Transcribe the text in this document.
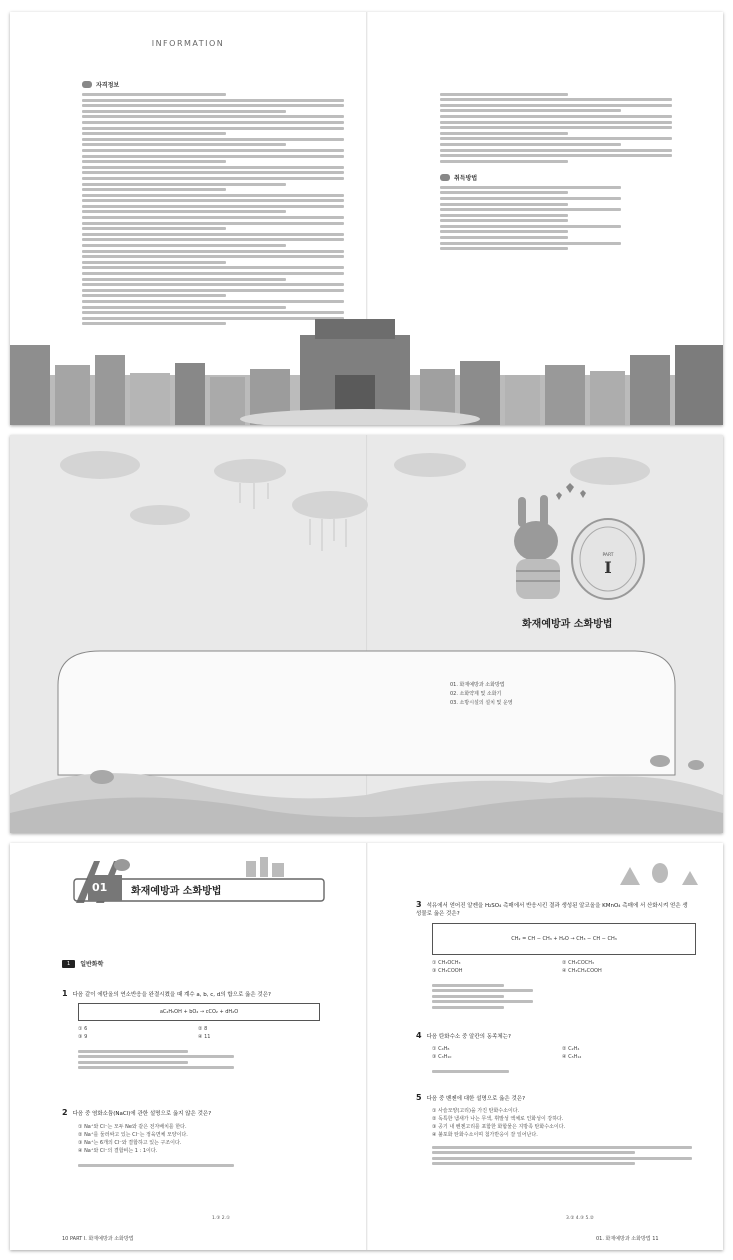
INFORMATION
자격정보
취득방법
PART
I
화재예방과 소화방법
01. 화재예방과 소화방법
02. 소화약제 및 소화기
03. 소방시설의 설치 및 운영
01 화재예방과 소화방법
1	일반화학
1 다음 같이 에탄올의 연소반응을 완결시켰을 때 계수 a, b, c, d의 합으로 옳은 것은?
aC₂H₅OH + bO₂ → cCO₂ + dH₂O
① 6	② 8
③ 9	④ 11
2 다음 중 염화소듐(NaCl)에 관한 설명으로 옳지 않은 것은?
① Na⁺와 Cl⁻는 모두 Ne와 같은 전자배치를 한다.
② Na⁺를 둘러싸고 있는 Cl⁻는 정육면체 모양이다.
③ Na⁺는 6개의 Cl⁻와 결합하고 있는 구조이다.
④ Na⁺와 Cl⁻의 결합비는 1 : 1이다.
1.③ 2.①
10 PART Ⅰ. 화재예방과 소화방법
3 석유에서 얻어진 알켄을 H₂SO₄ 촉매에서 반응시킨 결과 생성된 알코올을 KMnO₄ 촉매에 서 산화시켜 얻은 생성물로 옳은 것은?
CH₂ = CH − CH₃ + H₂O → CH₃ − CH − CH₃
① CH₃OCH₃	② CH₃COCH₃
③ CH₃COOH	④ CH₃CH₂COOH
4 다음 탄화수소 중 알칸의 동족체는?
① C₄H₈	② C₂H₄
③ C₃H₁₀	④ C₅H₁₂
5 다음 중 벤젠에 대한 설명으로 옳은 것은?
① 사슬모양(고리)을 가진 탄화수소이다.
② 독특한 냄새가 나는 무색, 휘발성 액체로 인화성이 강하다.
③ 공기 내 벤젠고리를 포함한 화합물은 지방족 탄화수소이다.
④ 불포화 탄화수소이며 첨가반응이 잘 일어난다.
3.② 4.③ 5.②
01. 화재예방과 소화방법 11
